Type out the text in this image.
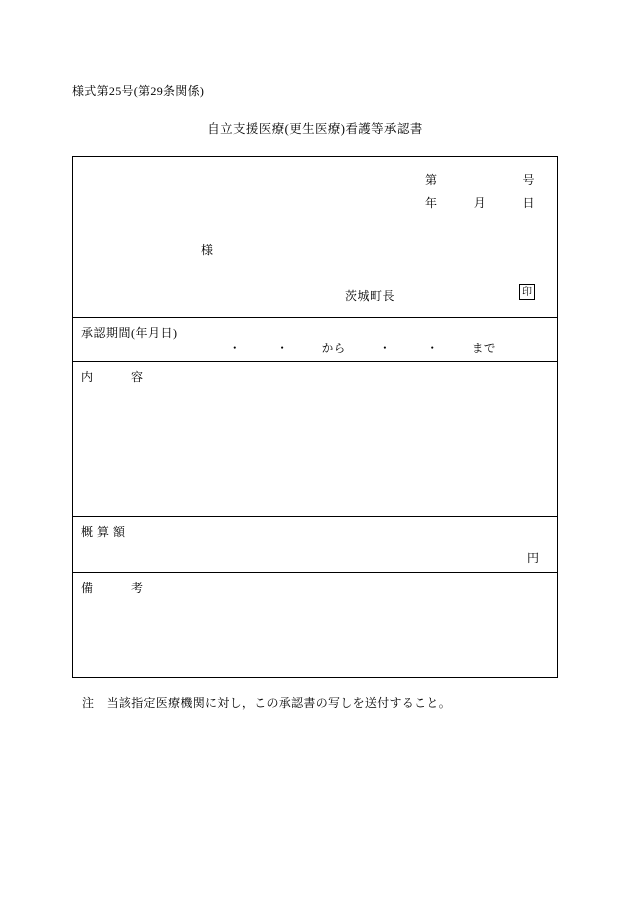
様式第25号(第29条関係)
自立支援医療(更生医療)看護等承認書
第	号
年	月	日
様
茨城町長	印
承認期間(年月日)
・	・	から	・	・	まで
内　　　容
概 算 額
円
備　　　考
注　当該指定医療機関に対し，この承認書の写しを送付すること。
